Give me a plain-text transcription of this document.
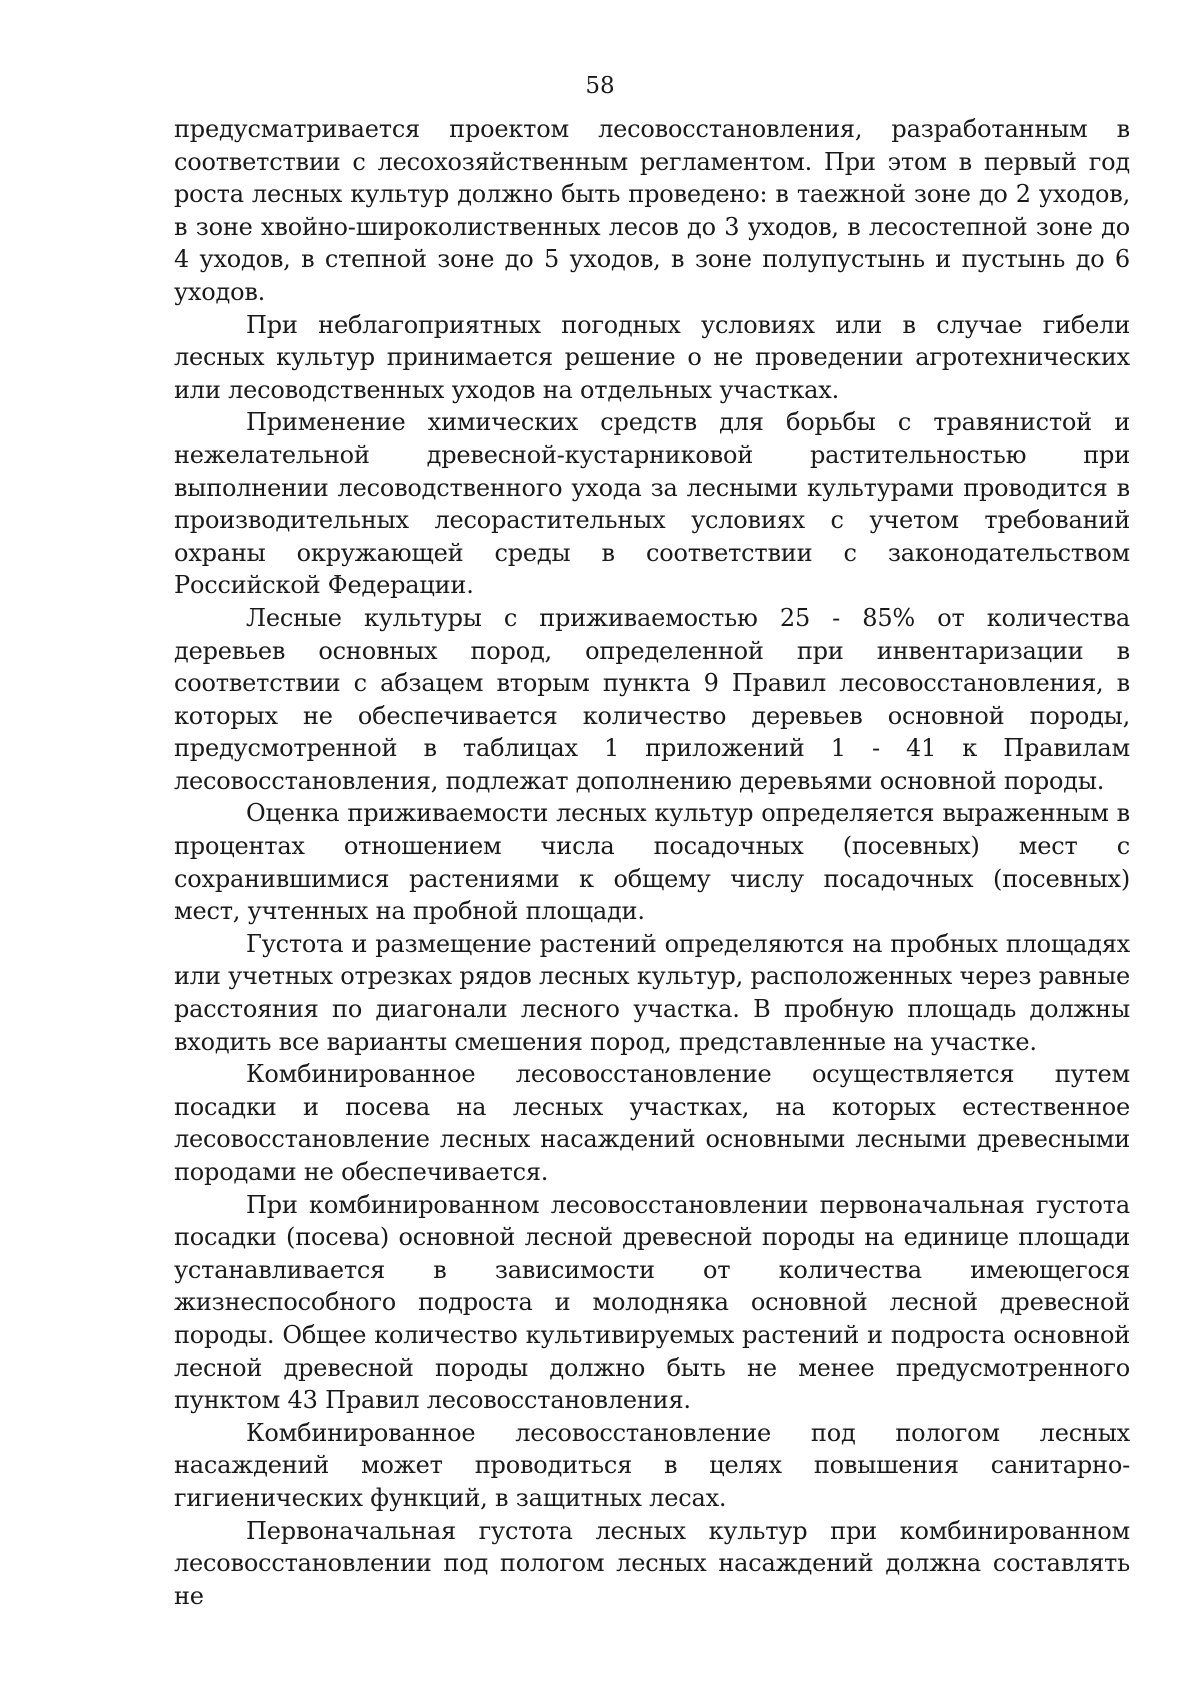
58

предусматривается проектом лесовосстановления, разработанным в соответствии с лесохозяйственным регламентом. При этом в первый год роста лесных культур должно быть проведено: в таежной зоне до 2 уходов, в зоне хвойно-широколиственных лесов до 3 уходов, в лесостепной зоне до 4 уходов, в степной зоне до 5 уходов, в зоне полупустынь и пустынь до 6 уходов.

При неблагоприятных погодных условиях или в случае гибели лесных культур принимается решение о не проведении агротехнических или лесоводственных уходов на отдельных участках.

Применение химических средств для борьбы с травянистой и нежелательной древесной-кустарниковой растительностью при выполнении лесоводственного ухода за лесными культурами проводится в производительных лесорастительных условиях с учетом требований охраны окружающей среды в соответствии с законодательством Российской Федерации.

Лесные культуры с приживаемостью 25 - 85% от количества деревьев основных пород, определенной при инвентаризации в соответствии с абзацем вторым пункта 9 Правил лесовосстановления, в которых не обеспечивается количество деревьев основной породы, предусмотренной в таблицах 1 приложений 1 - 41 к Правилам лесовосстановления, подлежат дополнению деревьями основной породы.

Оценка приживаемости лесных культур определяется выраженным в процентах отношением числа посадочных (посевных) мест с сохранившимися растениями к общему числу посадочных (посевных) мест, учтенных на пробной площади.

Густота и размещение растений определяются на пробных площадях или учетных отрезках рядов лесных культур, расположенных через равные расстояния по диагонали лесного участка. В пробную площадь должны входить все варианты смешения пород, представленные на участке.

Комбинированное лесовосстановление осуществляется путем посадки и посева на лесных участках, на которых естественное лесовосстановление лесных насаждений основными лесными древесными породами не обеспечивается.

При комбинированном лесовосстановлении первоначальная густота посадки (посева) основной лесной древесной породы на единице площади устанавливается в зависимости от количества имеющегося жизнеспособного подроста и молодняка основной лесной древесной породы. Общее количество культивируемых растений и подроста основной лесной древесной породы должно быть не менее предусмотренного пунктом 43 Правил лесовосстановления.

Комбинированное лесовосстановление под пологом лесных насаждений может проводиться в целях повышения санитарно-гигиенических функций, в защитных лесах.

Первоначальная густота лесных культур при комбинированном лесовосстановлении под пологом лесных насаждений должна составлять не
